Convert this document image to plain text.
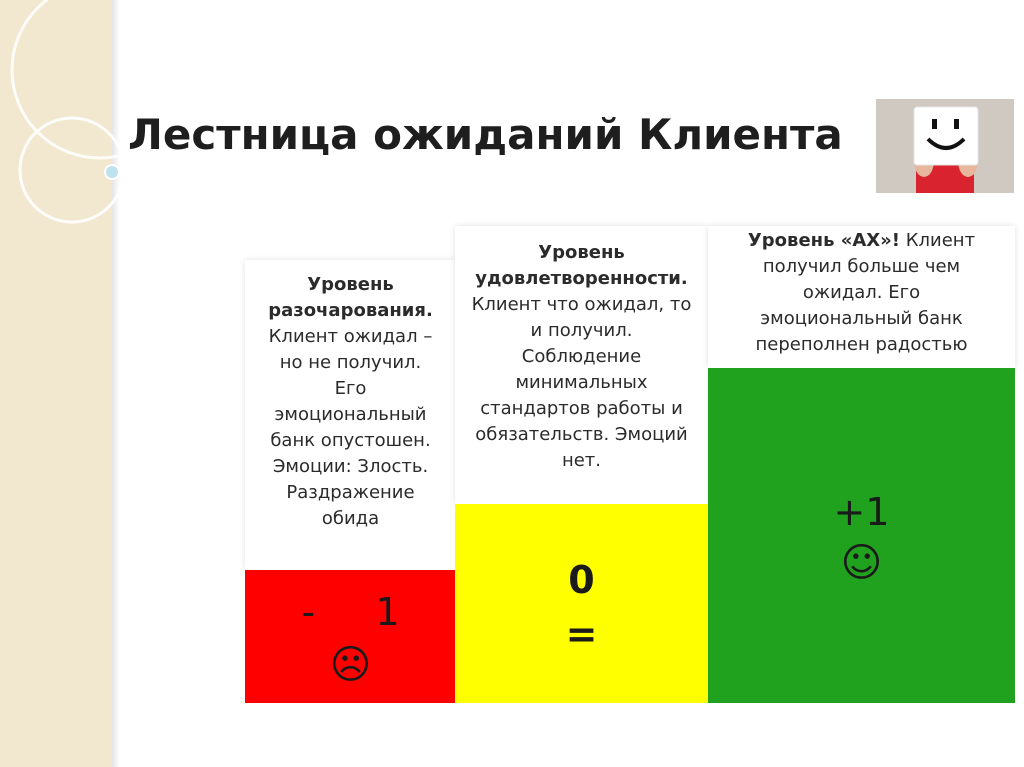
Лестница ожиданий Клиента
Уровень разочарования.
Клиент ожидал –
но не получил.
Его
эмоциональный
банк опустошен.
Эмоции: Злость.
Раздражение
обида
Уровень
удовлетворенности.
Клиент что ожидал, то
и получил.
Соблюдение
минимальных
стандартов работы и
обязательств. Эмоций
нет.
Уровень «АХ»! Клиент
получил больше чем
ожидал. Его
эмоциональный банк
переполнен радостью
-     1
☹
0
=
+1
☺
